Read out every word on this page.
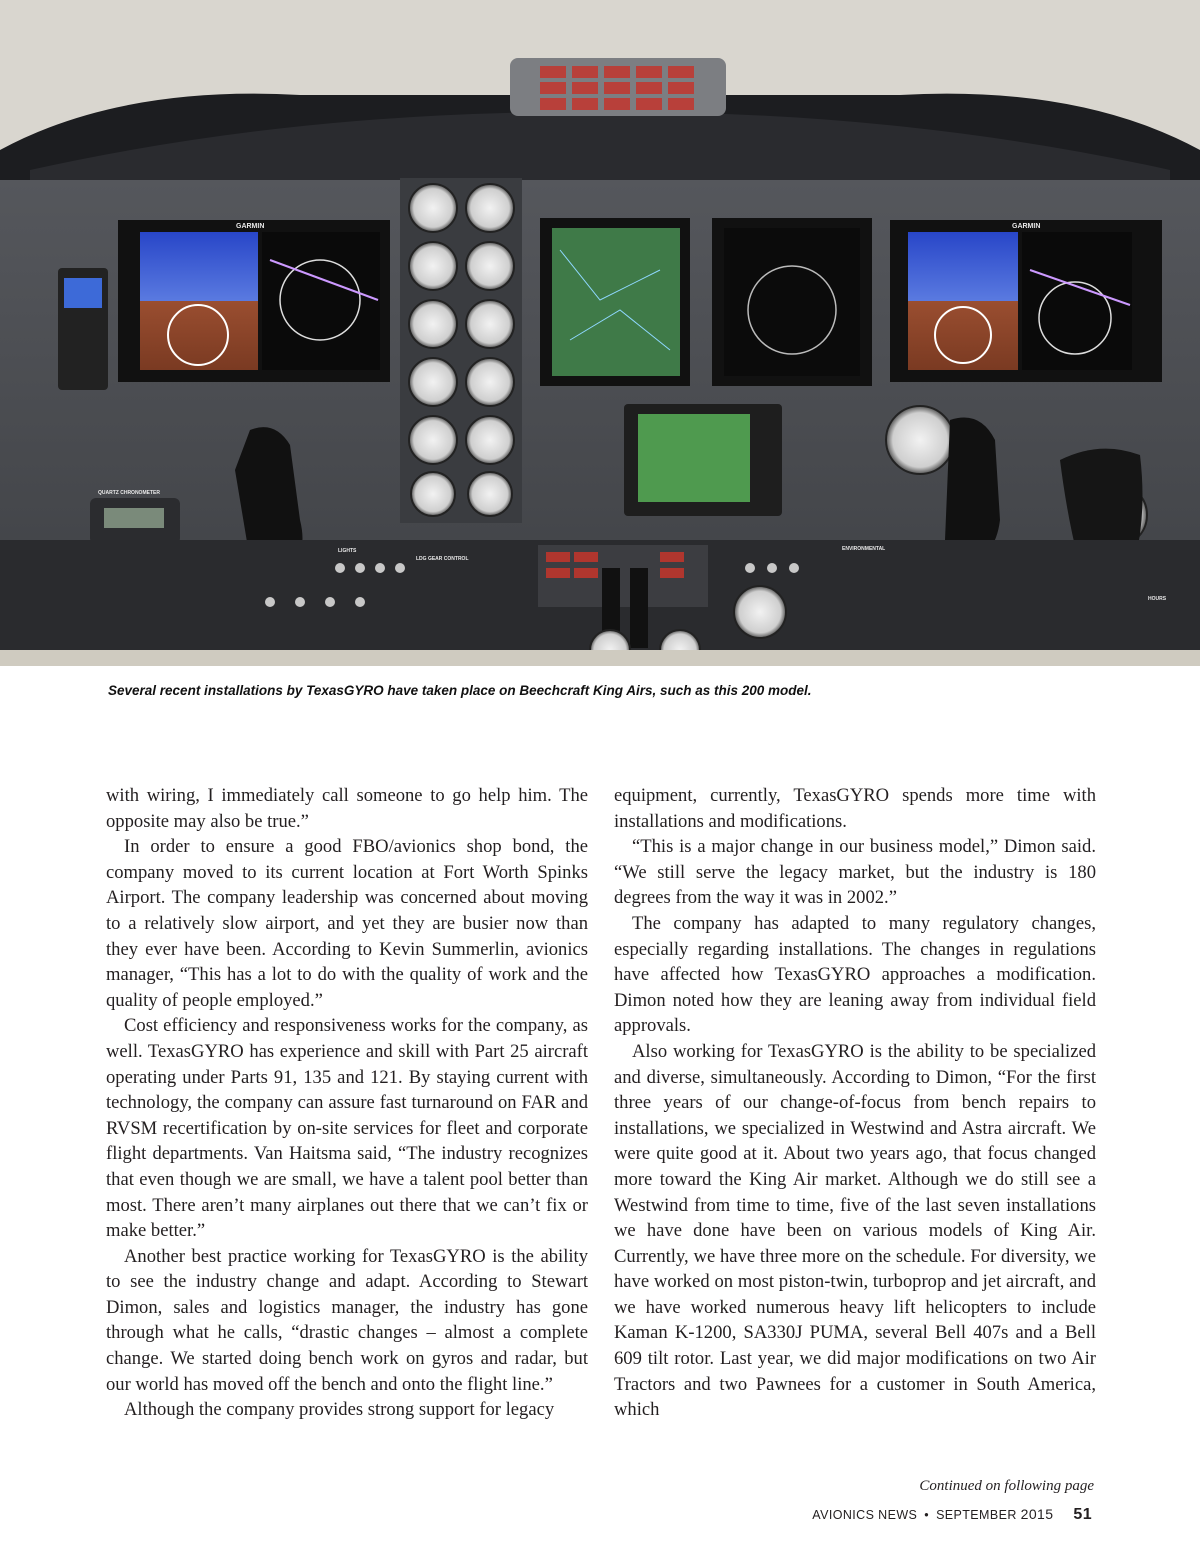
GARMIN	GARMIN
QUARTZ CHRONOMETER
LIGHTS
LDG GEAR CONTROL
ENVIRONMENTAL
HOURS
Several recent installations by TexasGYRO have taken place on Beechcraft King Airs, such as this 200 model.

with wiring, I immediately call someone to go help him. The opposite may also be true.”

In order to ensure a good FBO/avionics shop bond, the company moved to its current location at Fort Worth Spinks Airport. The company leadership was concerned about moving to a relatively slow airport, and yet they are busier now than they ever have been. According to Kevin Summerlin, avionics manager, “This has a lot to do with the quality of work and the quality of people employed.”

Cost efficiency and responsiveness works for the company, as well. TexasGYRO has experience and skill with Part 25 aircraft operating under Parts 91, 135 and 121. By staying current with technology, the company can assure fast turnaround on FAR and RVSM recertification by on-site services for fleet and corporate flight departments. Van Haitsma said, “The industry recognizes that even though we are small, we have a talent pool better than most. There aren’t many airplanes out there that we can’t fix or make better.”

Another best practice working for TexasGYRO is the ability to see the industry change and adapt. According to Stewart Dimon, sales and logistics manager, the industry has gone through what he calls, “drastic changes – almost a complete change. We started doing bench work on gyros and radar, but our world has moved off the bench and onto the flight line.”

Although the company provides strong support for legacy

equipment, currently, TexasGYRO spends more time with installations and modifications.

“This is a major change in our business model,” Dimon said. “We still serve the legacy market, but the industry is 180 degrees from the way it was in 2002.”

The company has adapted to many regulatory changes, especially regarding installations. The changes in regulations have affected how TexasGYRO approaches a modification. Dimon noted how they are leaning away from individual field approvals.

Also working for TexasGYRO is the ability to be specialized and diverse, simultaneously. According to Dimon, “For the first three years of our change-of-focus from bench repairs to installations, we specialized in Westwind and Astra aircraft. We were quite good at it. About two years ago, that focus changed more toward the King Air market. Although we do still see a Westwind from time to time, five of the last seven installations we have done have been on various models of King Air. Currently, we have three more on the schedule. For diversity, we have worked on most piston-twin, turboprop and jet aircraft, and we have worked numerous heavy lift helicopters to include Kaman K-1200, SA330J PUMA, several Bell 407s and a Bell 609 tilt rotor. Last year, we did major modifications on two Air Tractors and two Pawnees for a customer in South America, which

Continued on following page
AVIONICS NEWS • SEPTEMBER 2015 51
